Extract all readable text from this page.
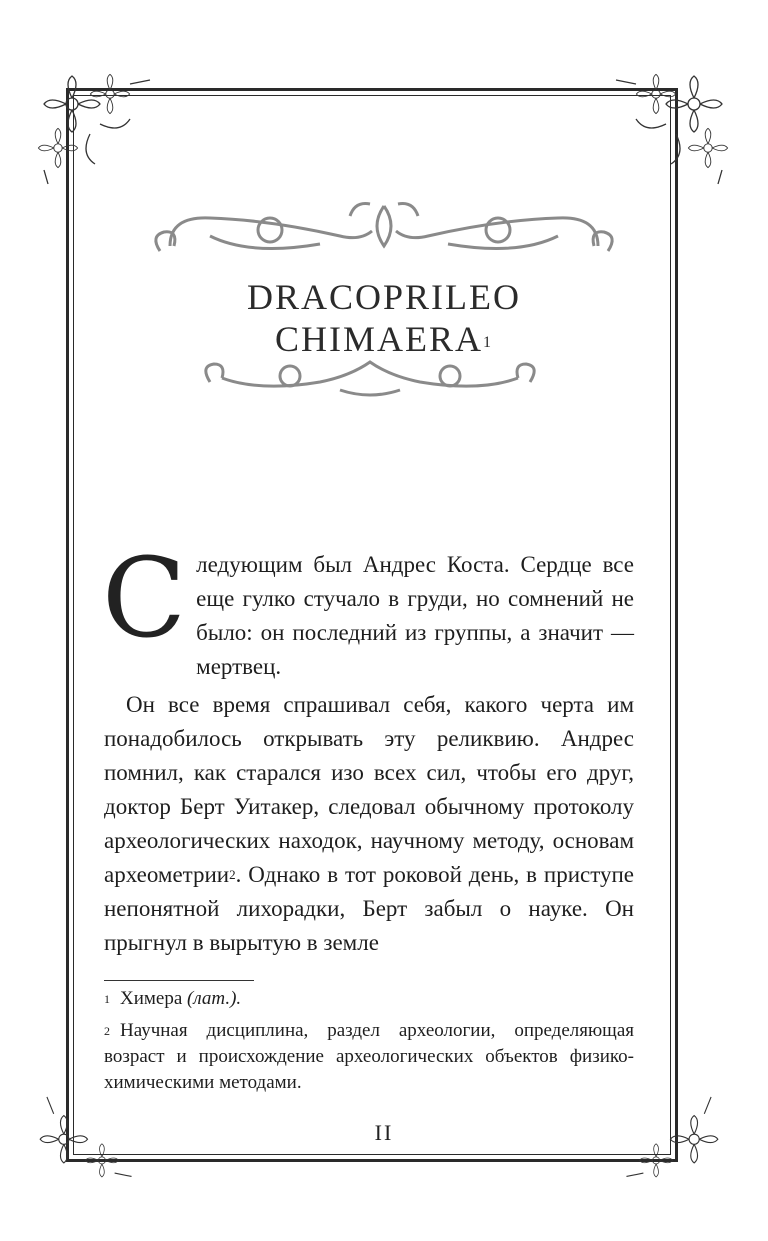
DRACOPRILEO
CHIMAERA$^1$
С ледующим был Андрес Коста. Сердце все еще гулко стучало в груди, но сомнений не было: он последний из группы, а значит — мертвец.

Он все время спрашивал себя, какого черта им понадобилось открывать эту реликвию. Андрес помнил, как старался изо всех сил, чтобы его друг, доктор Берт Уитакер, следовал обычному протоколу археологических находок, научному методу, основам археометрии$^2$. Однако в тот роковой день, в приступе непонятной лихорадки, Берт забыл о науке. Он прыгнул в вырытую в земле

$^1$ Химера (лат.).

$^2$ Научная дисциплина, раздел археологии, определяющая возраст и происхождение археологических объектов физико-химическими методами.

II
